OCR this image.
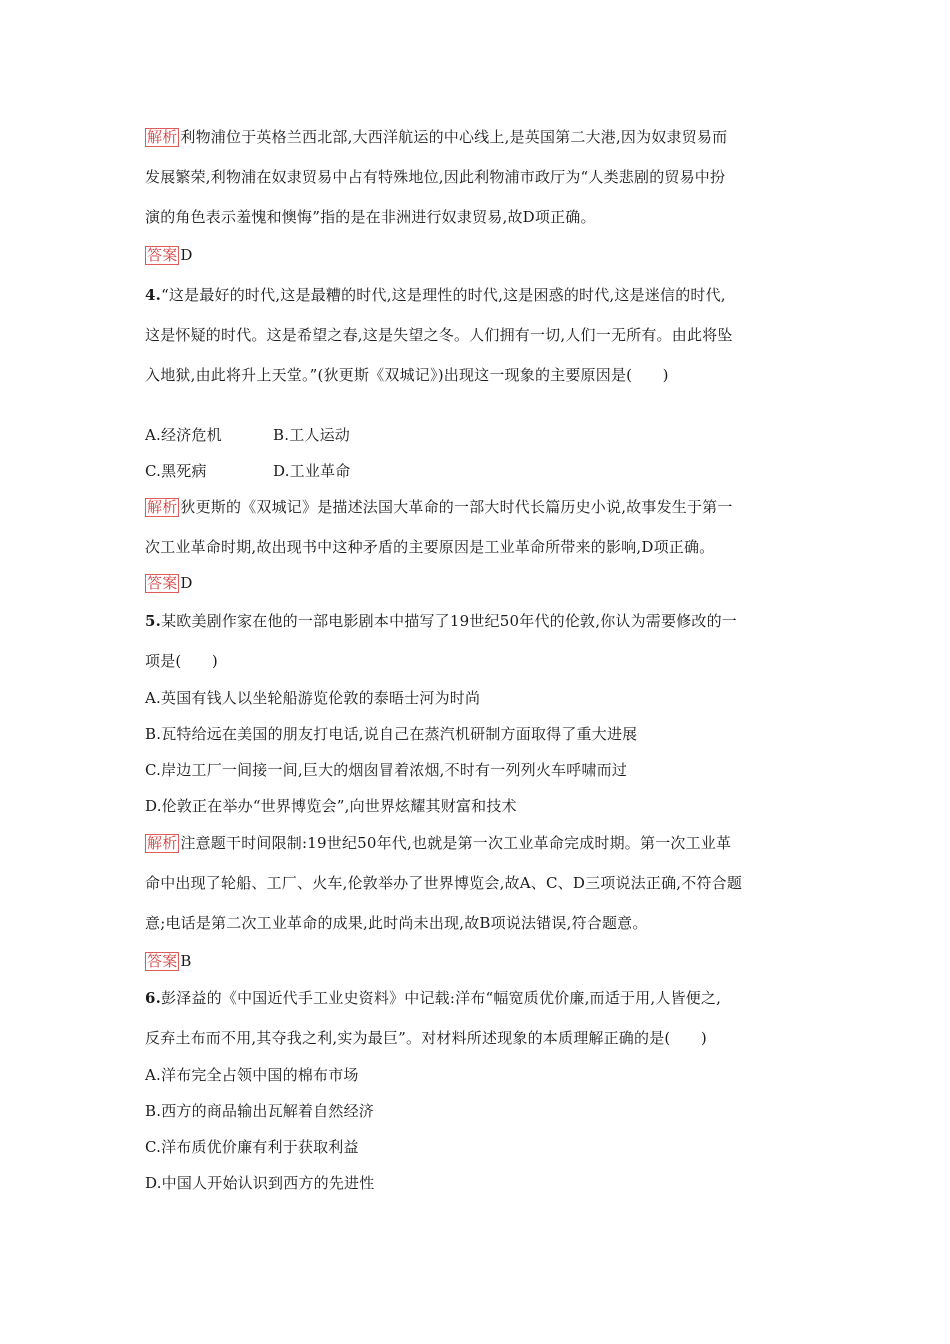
解析 利物浦位于英格兰西北部,大西洋航运的中心线上,是英国第二大港,因为奴隶贸易而
发展繁荣,利物浦在奴隶贸易中占有特殊地位,因此利物浦市政厅为“人类悲剧的贸易中扮
演的角色表示羞愧和懊悔”指的是在非洲进行奴隶贸易,故D项正确。
答案 D
4.“这是最好的时代,这是最糟的时代,这是理性的时代,这是困惑的时代,这是迷信的时代,
这是怀疑的时代。这是希望之春,这是失望之冬。人们拥有一切,人们一无所有。由此将坠
入地狱,由此将升上天堂。”(狄更斯《双城记》)出现这一现象的主要原因是(　　)
A.经济危机	B.工人运动
C.黑死病	D.工业革命
解析 狄更斯的《双城记》是描述法国大革命的一部大时代长篇历史小说,故事发生于第一
次工业革命时期,故出现书中这种矛盾的主要原因是工业革命所带来的影响,D项正确。
答案 D
5.某欧美剧作家在他的一部电影剧本中描写了19世纪50年代的伦敦,你认为需要修改的一
项是(　　)
A.英国有钱人以坐轮船游览伦敦的泰晤士河为时尚
B.瓦特给远在美国的朋友打电话,说自己在蒸汽机研制方面取得了重大进展
C.岸边工厂一间接一间,巨大的烟囱冒着浓烟,不时有一列列火车呼啸而过
D.伦敦正在举办“世界博览会”,向世界炫耀其财富和技术
解析 注意题干时间限制:19世纪50年代,也就是第一次工业革命完成时期。第一次工业革
命中出现了轮船、工厂、火车,伦敦举办了世界博览会,故A、C、D三项说法正确,不符合题
意;电话是第二次工业革命的成果,此时尚未出现,故B项说法错误,符合题意。
答案 B
6.彭泽益的《中国近代手工业史资料》中记载:洋布“幅宽质优价廉,而适于用,人皆便之,
反弃土布而不用,其夺我之利,实为最巨”。对材料所述现象的本质理解正确的是(　　)
A.洋布完全占领中国的棉布市场
B.西方的商品输出瓦解着自然经济
C.洋布质优价廉有利于获取利益
D.中国人开始认识到西方的先进性
